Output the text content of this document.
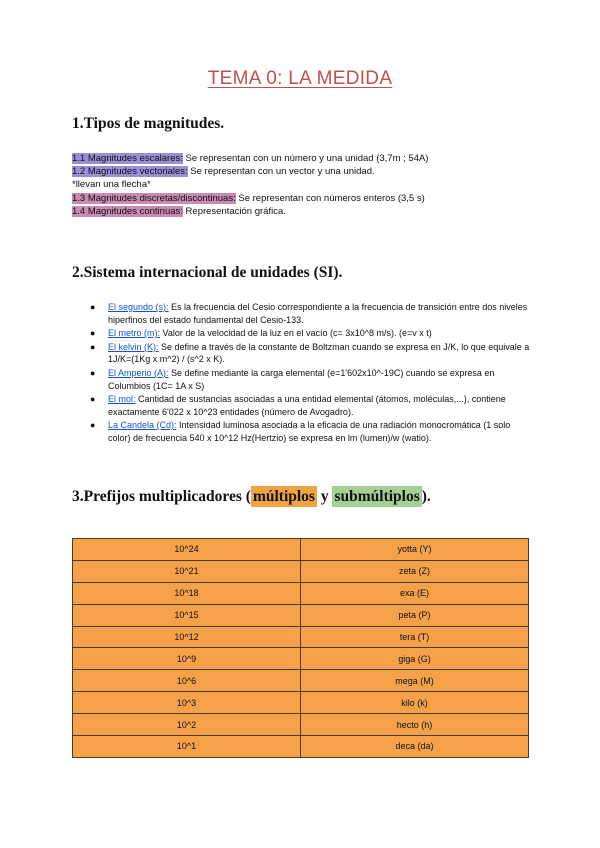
TEMA 0: LA MEDIDA
1.Tipos de magnitudes.
1.1 Magnitudes escalares: Se representan con un número y una unidad (3,7m ; 54A)
1.2 Magnitudes vectoriales: Se representan con un vector y una unidad.
*llevan una flecha*
1.3 Magnitudes discretas/discontinuas: Se representan con números enteros (3,5 s)
1.4 Magnitudes continuas: Representación gráfica.
2.Sistema internacional de unidades (SI).
● El segundo (s): Es la frecuencia del Cesio correspondiente a la frecuencia de transición entre dos niveles hiperfinos del estado fundamental del Cesio-133.
● El metro (m): Valor de la velocidad de la luz en el vacío (c= 3x10^8 m/s). (e=v x t)
● El kelvin (K): Se define a través de la constante de Boltzman cuando se expresa en J/K, lo que equivale a 1J/K=(1Kg x m^2) / (s^2 x K).
● El Amperio (A): Se define mediante la carga elemental (e=1'602x10^-19C) cuando se expresa en Columbios (1C= 1A x S)
● El mol: Cantidad de sustancias asociadas a una entidad elemental (átomos, moléculas,...), contiene exactamente 6'022 x 10^23 entidades (número de Avogadro).
● La Candela (Cd): Intensidad luminosa asociada a la eficacia de una radiación monocromática (1 solo color) de frecuencia 540 x 10^12 Hz(Hertzio) se expresa en lm (lumen)/w (watio).
3.Prefijos multiplicadores ( múltiplos y submúltiplos ).
10^24	yotta (Y)
10^21	zeta (Z)
10^18	exa (E)
10^15	peta (P)
10^12	tera (T)
10^9	giga (G)
10^6	mega (M)
10^3	kilo (k)
10^2	hecto (h)
10^1	deca (da)
